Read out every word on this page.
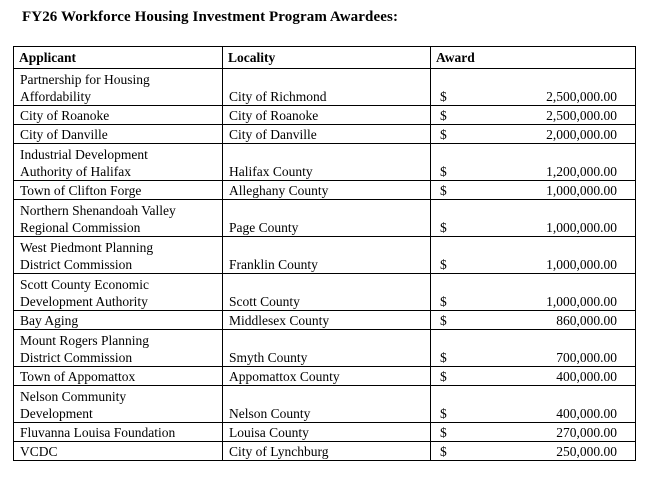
FY26 Workforce Housing Investment Program Awardees:
Applicant	Locality	Award

Partnership for Housing
Affordability	City of Richmond	$ 2,500,000.00

City of Roanoke	City of Roanoke	$ 2,500,000.00

City of Danville	City of Danville	$ 2,000,000.00

Industrial Development
Authority of Halifax	Halifax County	$ 1,200,000.00

Town of Clifton Forge	Alleghany County	$ 1,000,000.00

Northern Shenandoah Valley
Regional Commission	Page County	$ 1,000,000.00

West Piedmont Planning
District Commission	Franklin County	$ 1,000,000.00

Scott County Economic
Development Authority	Scott County	$ 1,000,000.00

Bay Aging	Middlesex County	$ 860,000.00

Mount Rogers Planning
District Commission	Smyth County	$ 700,000.00

Town of Appomattox	Appomattox County	$ 400,000.00

Nelson Community
Development	Nelson County	$ 400,000.00

Fluvanna Louisa Foundation	Louisa County	$ 270,000.00

VCDC	City of Lynchburg	$ 250,000.00
